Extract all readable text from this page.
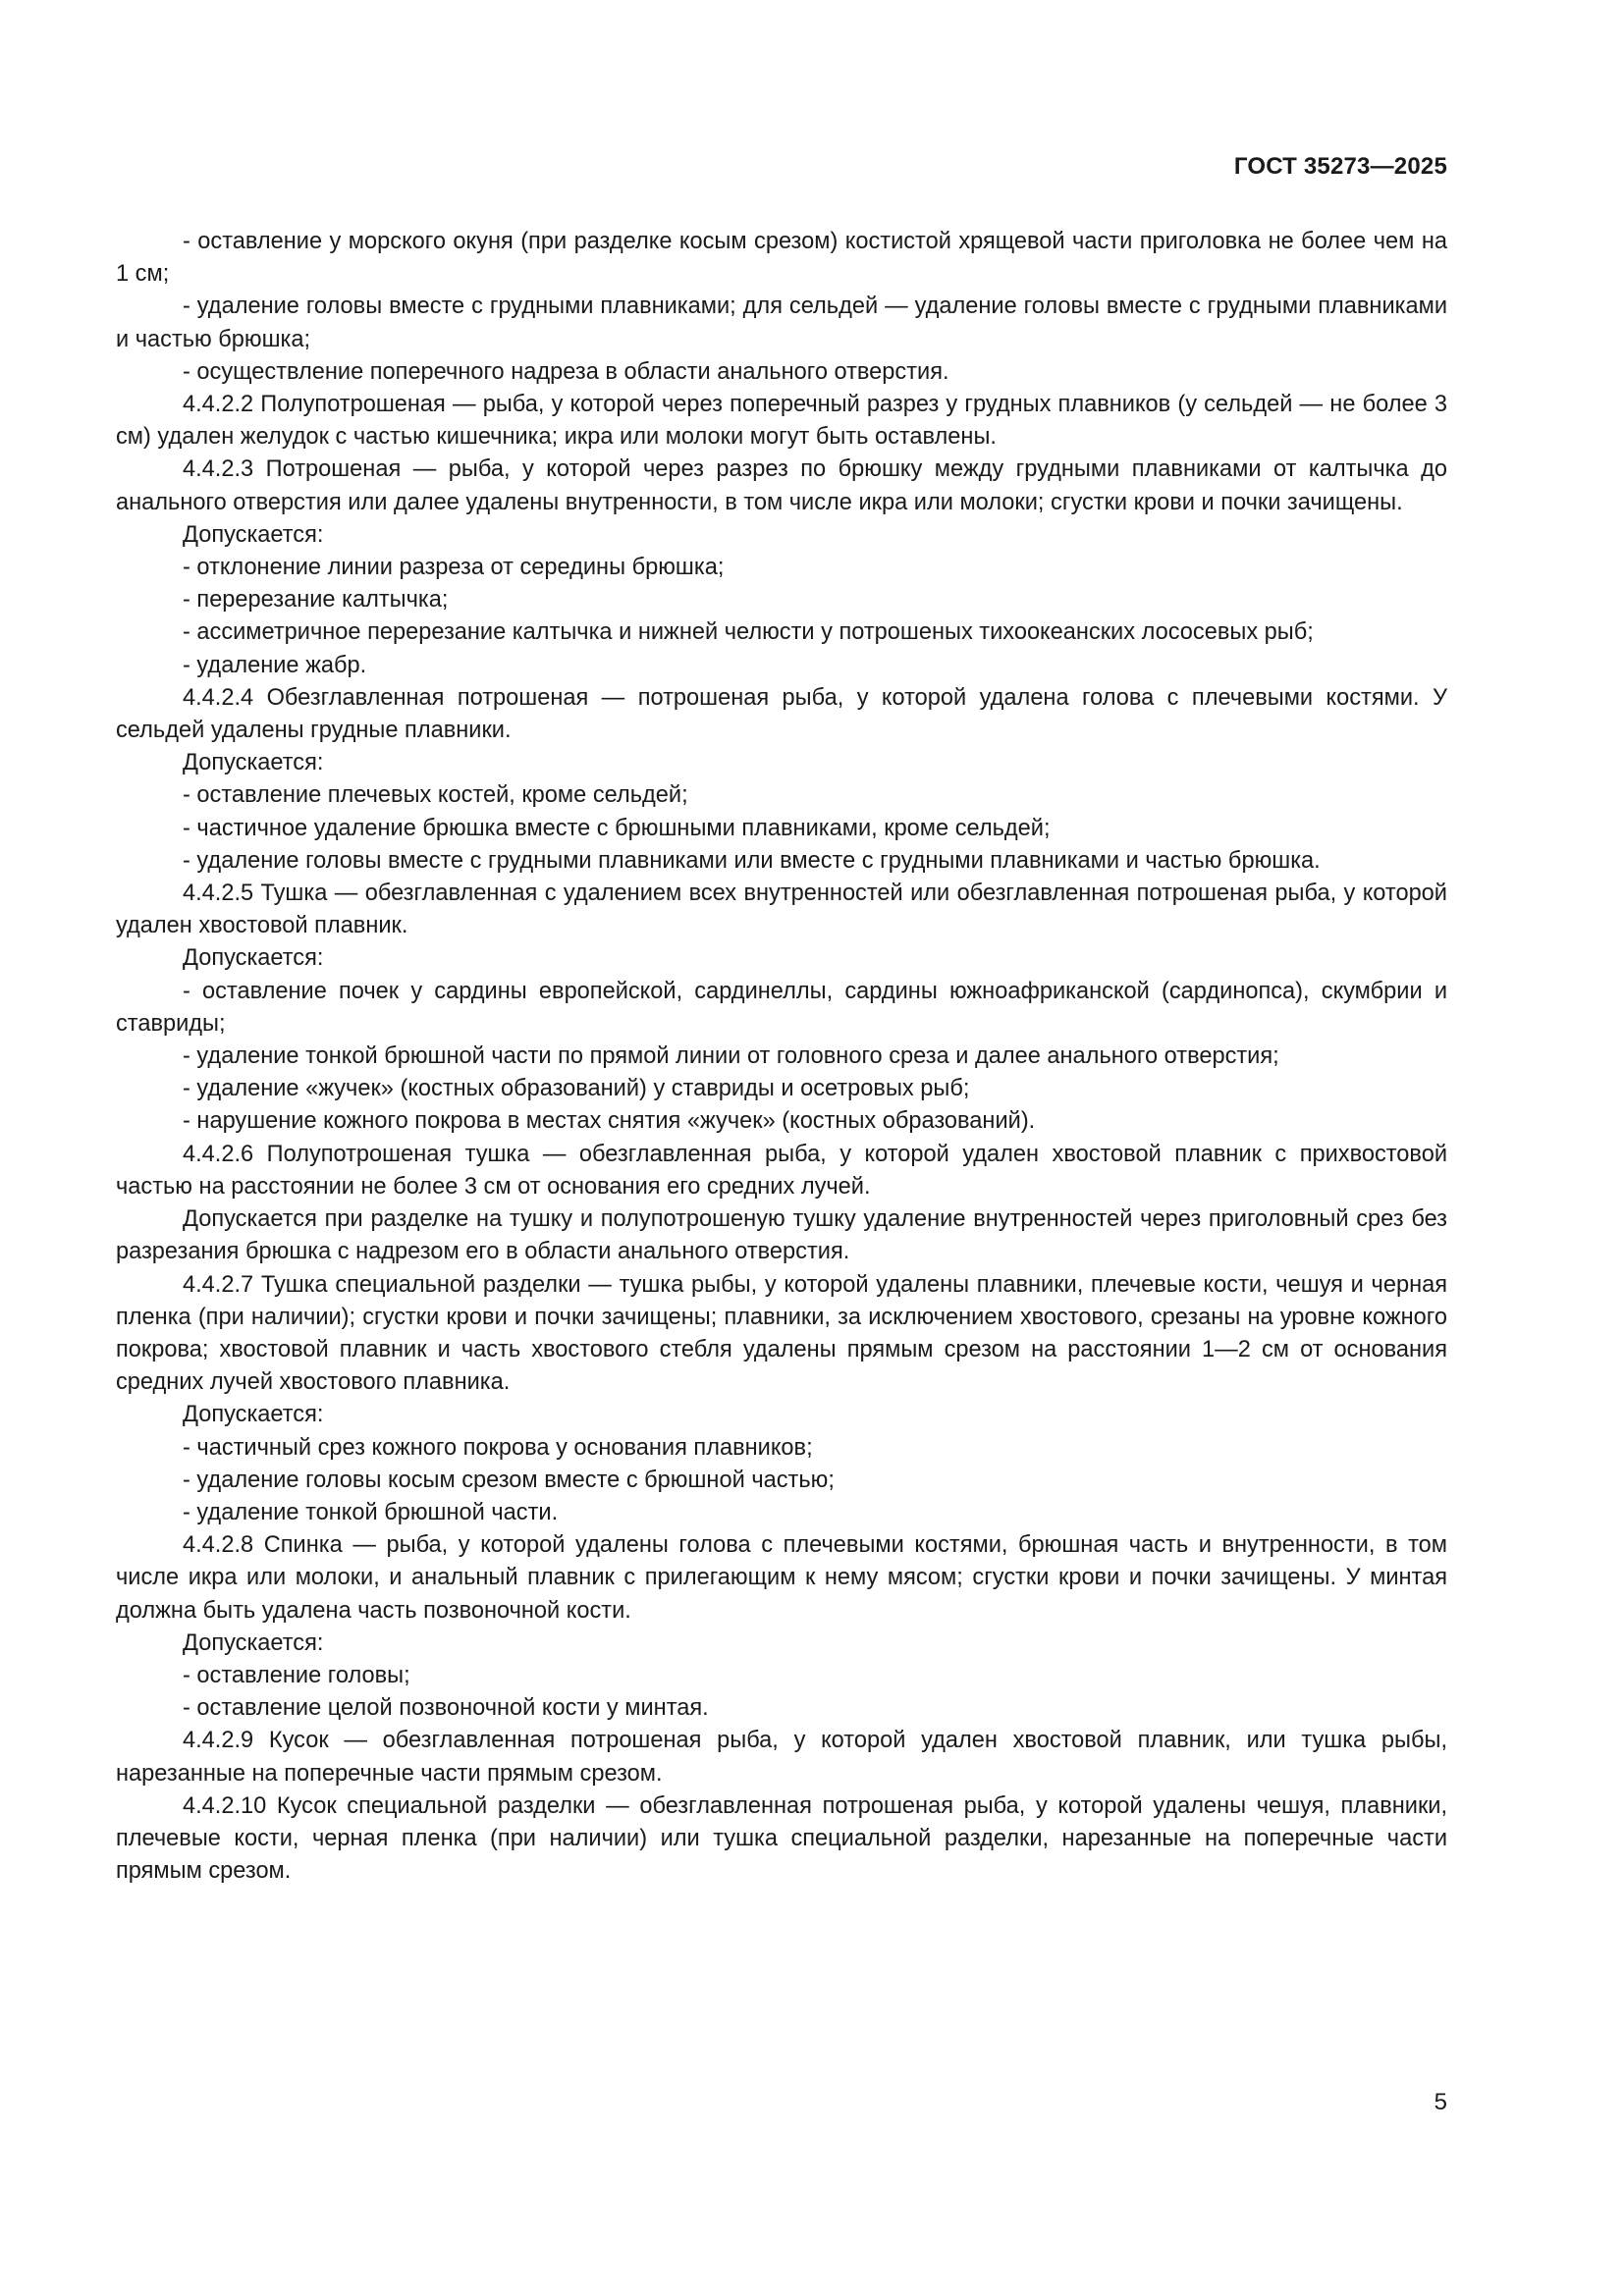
ГОСТ 35273—2025

- оставление у морского окуня (при разделке косым срезом) костистой хрящевой части приголовка не более чем на 1 см;

- удаление головы вместе с грудными плавниками; для сельдей — удаление головы вместе с грудными плавниками и частью брюшка;

- осуществление поперечного надреза в области анального отверстия.

4.4.2.2 Полупотрошеная — рыба, у которой через поперечный разрез у грудных плавников (у сельдей — не более 3 см) удален желудок с частью кишечника; икра или молоки могут быть оставлены.

4.4.2.3 Потрошеная — рыба, у которой через разрез по брюшку между грудными плавниками от калтычка до анального отверстия или далее удалены внутренности, в том числе икра или молоки; сгустки крови и почки зачищены.

Допускается:

- отклонение линии разреза от середины брюшка;

- перерезание калтычка;

- ассиметричное перерезание калтычка и нижней челюсти у потрошеных тихоокеанских лососевых рыб;

- удаление жабр.

4.4.2.4 Обезглавленная потрошеная — потрошеная рыба, у которой удалена голова с плечевыми костями. У сельдей удалены грудные плавники.

Допускается:

- оставление плечевых костей, кроме сельдей;

- частичное удаление брюшка вместе с брюшными плавниками, кроме сельдей;

- удаление головы вместе с грудными плавниками или вместе с грудными плавниками и частью брюшка.

4.4.2.5 Тушка — обезглавленная с удалением всех внутренностей или обезглавленная потрошеная рыба, у которой удален хвостовой плавник.

Допускается:

- оставление почек у сардины европейской, сардинеллы, сардины южноафриканской (сардинопса), скумбрии и ставриды;

- удаление тонкой брюшной части по прямой линии от головного среза и далее анального отверстия;

- удаление «жучек» (костных образований) у ставриды и осетровых рыб;

- нарушение кожного покрова в местах снятия «жучек» (костных образований).

4.4.2.6 Полупотрошеная тушка — обезглавленная рыба, у которой удален хвостовой плавник с прихвостовой частью на расстоянии не более 3 см от основания его средних лучей.

Допускается при разделке на тушку и полупотрошеную тушку удаление внутренностей через приголовный срез без разрезания брюшка с надрезом его в области анального отверстия.

4.4.2.7 Тушка специальной разделки — тушка рыбы, у которой удалены плавники, плечевые кости, чешуя и черная пленка (при наличии); сгустки крови и почки зачищены; плавники, за исключением хвостового, срезаны на уровне кожного покрова; хвостовой плавник и часть хвостового стебля удалены прямым срезом на расстоянии 1—2 см от основания средних лучей хвостового плавника.

Допускается:

- частичный срез кожного покрова у основания плавников;

- удаление головы косым срезом вместе с брюшной частью;

- удаление тонкой брюшной части.

4.4.2.8 Спинка — рыба, у которой удалены голова с плечевыми костями, брюшная часть и внутренности, в том числе икра или молоки, и анальный плавник с прилегающим к нему мясом; сгустки крови и почки зачищены. У минтая должна быть удалена часть позвоночной кости.

Допускается:

- оставление головы;

- оставление целой позвоночной кости у минтая.

4.4.2.9 Кусок — обезглавленная потрошеная рыба, у которой удален хвостовой плавник, или тушка рыбы, нарезанные на поперечные части прямым срезом.

4.4.2.10 Кусок специальной разделки — обезглавленная потрошеная рыба, у которой удалены чешуя, плавники, плечевые кости, черная пленка (при наличии) или тушка специальной разделки, нарезанные на поперечные части прямым срезом.

5
